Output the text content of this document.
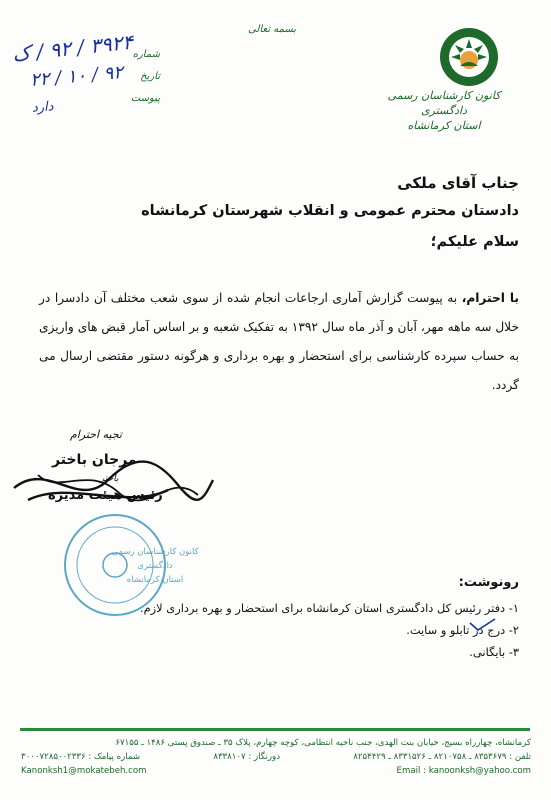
کانون کارشناسان رسمی دادگستری
استان کرمانشاه
بسمه تعالی
شماره
تاریخ
پیوست
۳۹۲۴ / ۹۲ / ک
۹۲ / ۱۰ / ۲۲
دارد
جناب آقای ملکی
دادستان محترم عمومی و انقلاب شهرستان کرمانشاه
سلام علیکم؛
با احترام، به پیوست گزارش آماری ارجاعات انجام شده از سوی شعب مختلف آن دادسرا در خلال سه ماهه مهر، آبان و آذر ماه سال ۱۳۹۲ به تفکیک شعبه و بر اساس آمار قبض های واریزی به حساب سپرده کارشناسی برای استحضار و بهره برداری و هرگونه دستور مقتضی ارسال می گردد.
تجیه احترام
مرجان باختر
باختر
رئیس هیئت مدیره
کانون کارشناسان رسمی دادگستری
استان کرمانشاه	رونوشت:
۱- دفتر رئیس کل دادگستری استان کرمانشاه برای استحضار و بهره برداری لازم.
۲- درج در تابلو و سایت.
۳- بایگانی.
کرمانشاه، چهارراه بسیج، خیابان بنت الهدی، جنب ناحیه انتظامی، کوچه چهارم، پلاک ۳۵ ـ صندوق پستی ۱۴۸۶ ـ ۶۷۱۵۵
تلفن : ۸۳۵۳۶۷۹ ـ ۸۲۱۰۷۵۸ ـ ۸۳۳۱۵۲۶ ـ ۸۲۵۴۴۲۹
دورنگار : ۸۳۳۸۱۰۷
شماره پیامک : ۳۰۰۰۷۲۸۵۰۰۲۳۳۶
Kanonksh1@mokatebeh.com	Email : kanoonksh@yahoo.com
